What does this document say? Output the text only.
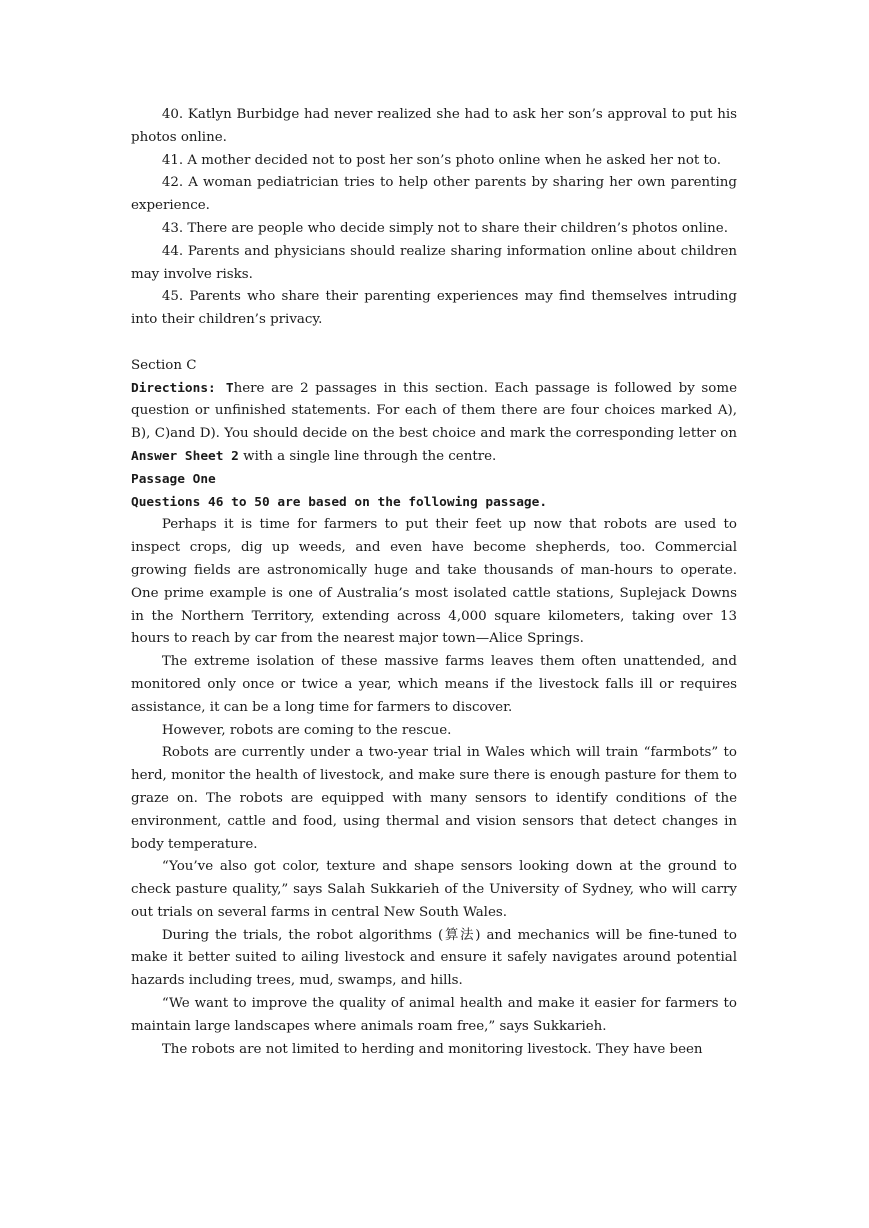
40. Katlyn Burbidge had never realized she had to ask her son’s approval to put his photos online.

41. A mother decided not to post her son’s photo online when he asked her not to.

42. A woman pediatrician tries to help other parents by sharing her own parenting experience.

43. There are people who decide simply not to share their children’s photos online.

44. Parents and physicians should realize sharing information online about children may involve risks.

45. Parents who share their parenting experiences may find themselves intruding into their children’s privacy.

Section C

Directions: There are 2 passages in this section. Each passage is followed by some question or unfinished statements. For each of them there are four choices marked A), B), C)and D). You should decide on the best choice and mark the corresponding letter on Answer Sheet 2 with a single line through the centre.

Passage One

Questions 46 to 50 are based on the following passage.

Perhaps it is time for farmers to put their feet up now that robots are used to inspect crops, dig up weeds, and even have become shepherds, too. Commercial growing fields are astronomically huge and take thousands of man-hours to operate. One prime example is one of Australia’s most isolated cattle stations, Suplejack Downs in the Northern Territory, extending across 4,000 square kilometers, taking over 13 hours to reach by car from the nearest major town—Alice Springs.

The extreme isolation of these massive farms leaves them often unattended, and monitored only once or twice a year, which means if the livestock falls ill or requires assistance, it can be a long time for farmers to discover.

However, robots are coming to the rescue.

Robots are currently under a two-year trial in Wales which will train “farmbots” to herd, monitor the health of livestock, and make sure there is enough pasture for them to graze on. The robots are equipped with many sensors to identify conditions of the environment, cattle and food, using thermal and vision sensors that detect changes in body temperature.

“You’ve also got color, texture and shape sensors looking down at the ground to check pasture quality,” says Salah Sukkarieh of the University of Sydney, who will carry out trials on several farms in central New South Wales.

During the trials, the robot algorithms (算法) and mechanics will be fine-tuned to make it better suited to ailing livestock and ensure it safely navigates around potential hazards including trees, mud, swamps, and hills.

“We want to improve the quality of animal health and make it easier for farmers to maintain large landscapes where animals roam free,” says Sukkarieh.

The robots are not limited to herding and monitoring livestock. They have been
